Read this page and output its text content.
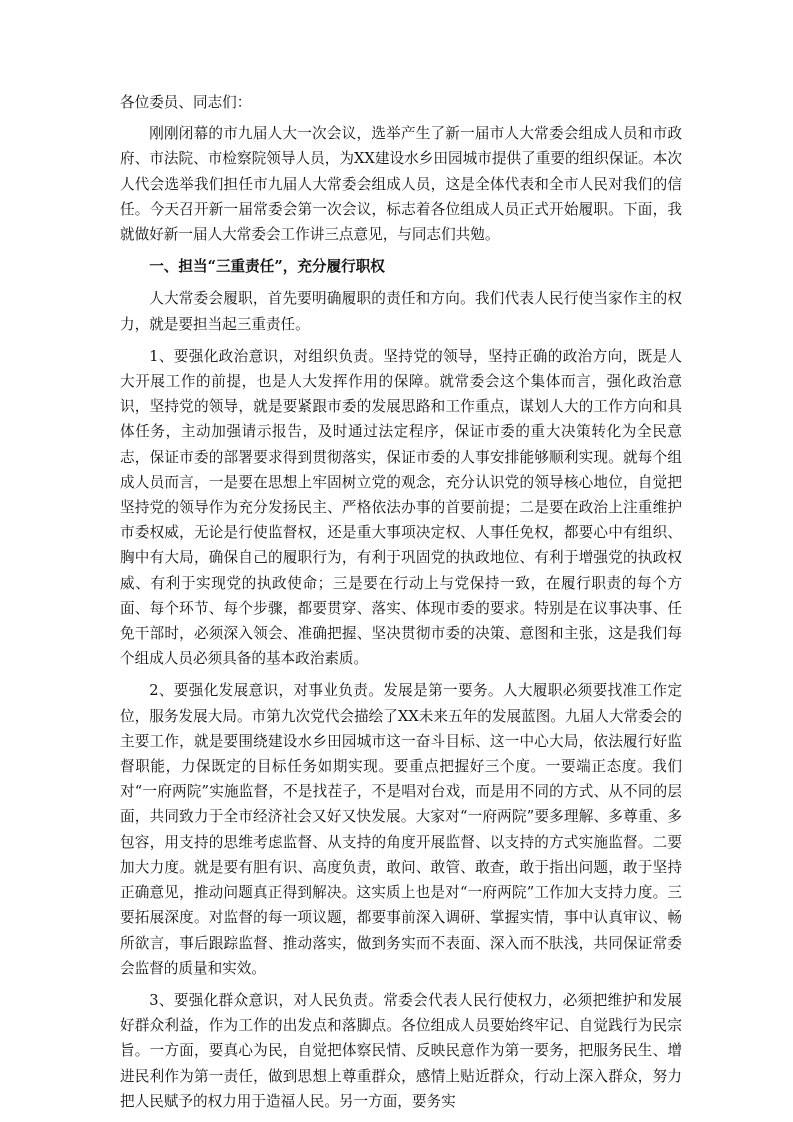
各位委员、同志们：

刚刚闭幕的市九届人大一次会议，选举产生了新一届市人大常委会组成人员和市政府、市法院、市检察院领导人员，为XX建设水乡田园城市提供了重要的组织保证。本次人代会选举我们担任市九届人大常委会组成人员，这是全体代表和全市人民对我们的信任。今天召开新一届常委会第一次会议，标志着各位组成人员正式开始履职。下面，我就做好新一届人大常委会工作讲三点意见，与同志们共勉。

一、担当“三重责任”，充分履行职权

人大常委会履职，首先要明确履职的责任和方向。我们代表人民行使当家作主的权力，就是要担当起三重责任。

1、要强化政治意识，对组织负责。坚持党的领导，坚持正确的政治方向，既是人大开展工作的前提，也是人大发挥作用的保障。就常委会这个集体而言，强化政治意识，坚持党的领导，就是要紧跟市委的发展思路和工作重点，谋划人大的工作方向和具体任务，主动加强请示报告，及时通过法定程序，保证市委的重大决策转化为全民意志，保证市委的部署要求得到贯彻落实，保证市委的人事安排能够顺利实现。就每个组成人员而言，一是要在思想上牢固树立党的观念，充分认识党的领导核心地位，自觉把坚持党的领导作为充分发扬民主、严格依法办事的首要前提；二是要在政治上注重维护市委权威，无论是行使监督权，还是重大事项决定权、人事任免权，都要心中有组织、胸中有大局，确保自己的履职行为，有利于巩固党的执政地位、有利于增强党的执政权威、有利于实现党的执政使命；三是要在行动上与党保持一致，在履行职责的每个方面、每个环节、每个步骤，都要贯穿、落实、体现市委的要求。特别是在议事决事、任免干部时，必须深入领会、准确把握、坚决贯彻市委的决策、意图和主张，这是我们每个组成人员必须具备的基本政治素质。

2、要强化发展意识，对事业负责。发展是第一要务。人大履职必须要找准工作定位，服务发展大局。市第九次党代会描绘了XX未来五年的发展蓝图。九届人大常委会的主要工作，就是要围绕建设水乡田园城市这一奋斗目标、这一中心大局，依法履行好监督职能，力保既定的目标任务如期实现。要重点把握好三个度。一要端正态度。我们对“一府两院”实施监督，不是找茬子，不是唱对台戏，而是用不同的方式、从不同的层面，共同致力于全市经济社会又好又快发展。大家对“一府两院”要多理解、多尊重、多包容，用支持的思维考虑监督、从支持的角度开展监督、以支持的方式实施监督。二要加大力度。就是要有胆有识、高度负责，敢问、敢管、敢查，敢于指出问题，敢于坚持正确意见，推动问题真正得到解决。这实质上也是对“一府两院”工作加大支持力度。三要拓展深度。对监督的每一项议题，都要事前深入调研、掌握实情，事中认真审议、畅所欲言，事后跟踪监督、推动落实，做到务实而不表面、深入而不肤浅，共同保证常委会监督的质量和实效。

3、要强化群众意识，对人民负责。常委会代表人民行使权力，必须把维护和发展好群众利益，作为工作的出发点和落脚点。各位组成人员要始终牢记、自觉践行为民宗旨。一方面，要真心为民，自觉把体察民情、反映民意作为第一要务，把服务民生、增进民利作为第一责任，做到思想上尊重群众，感情上贴近群众，行动上深入群众，努力把人民赋予的权力用于造福人民。另一方面，要务实
